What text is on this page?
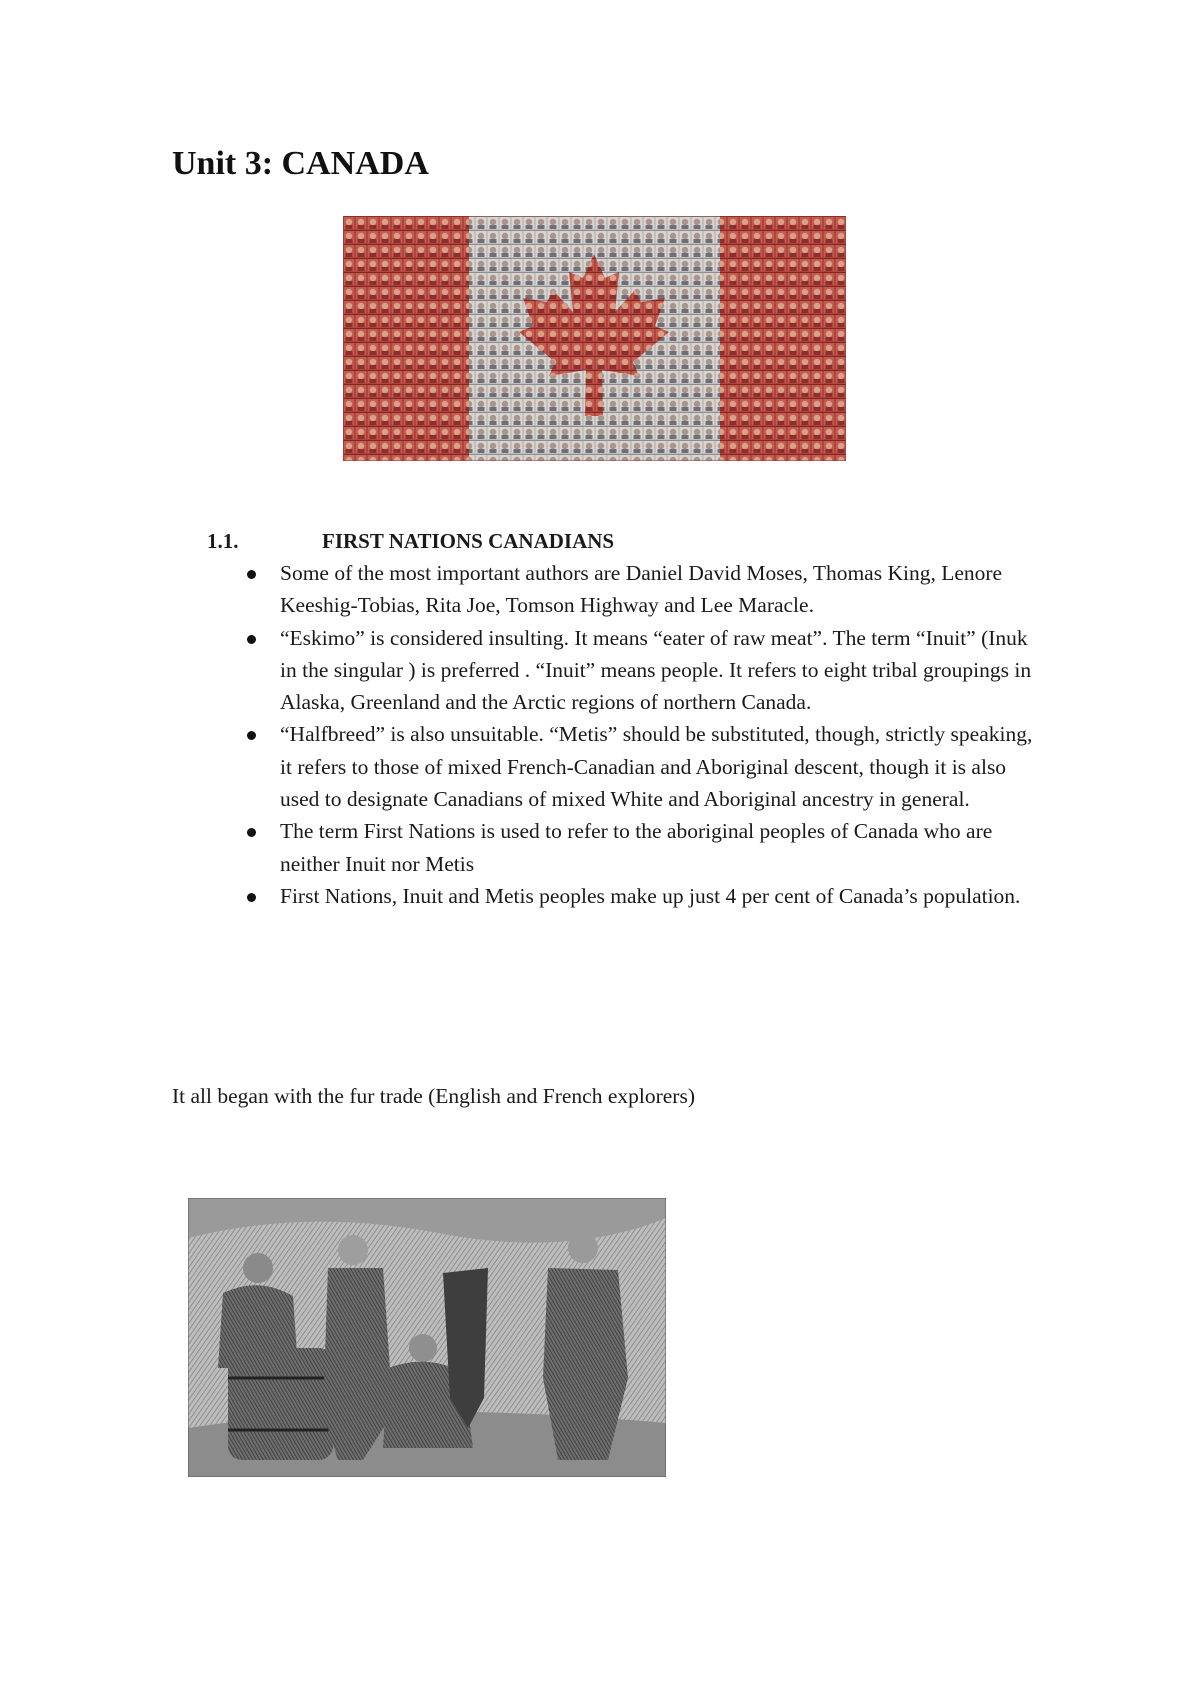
Unit 3: CANADA
1.1.	FIRST NATIONS CANADIANS
Some of the most important authors are Daniel David Moses, Thomas King, Lenore Keeshig-Tobias, Rita Joe, Tomson Highway and Lee Maracle.
“Eskimo” is considered insulting. It means “eater of raw meat”. The term “Inuit” (Inuk in the singular ) is preferred . “Inuit” means people. It refers to eight tribal groupings in Alaska, Greenland and the Arctic regions of northern Canada.
“Halfbreed” is also unsuitable. “Metis” should be substituted, though, strictly speaking, it refers to those of mixed French-Canadian and Aboriginal descent, though it is also used to designate Canadians of mixed White and Aboriginal ancestry in general.
The term First Nations is used to refer to the aboriginal peoples of Canada who are neither Inuit nor Metis
First Nations, Inuit and Metis peoples make up just 4 per cent of Canada’s population.

It all began with the fur trade (English and French explorers)
